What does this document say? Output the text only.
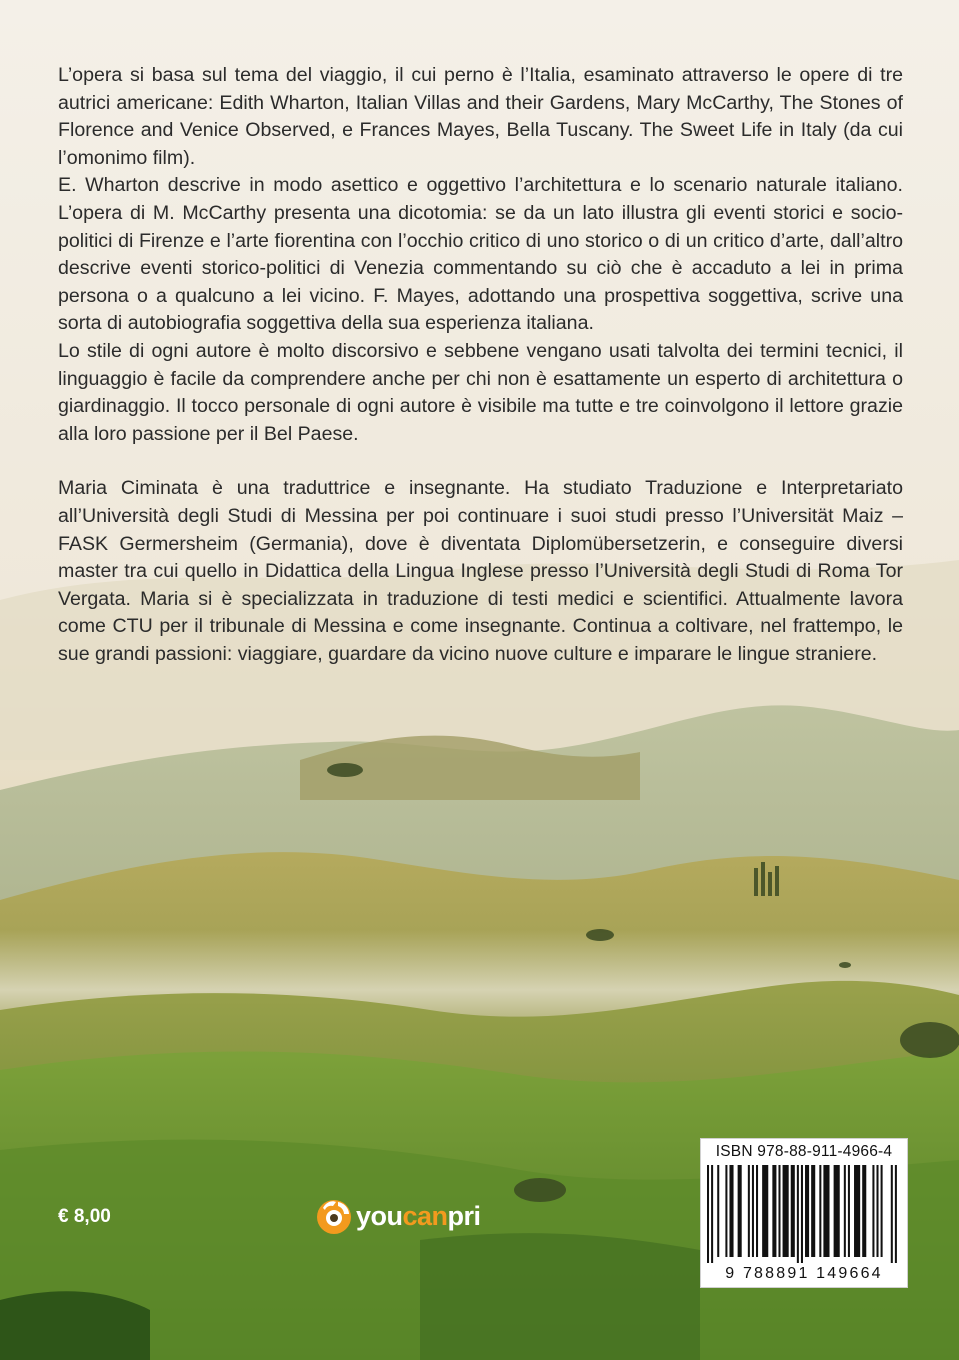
L’opera si basa sul tema del viaggio, il cui perno è l’Italia, esaminato attraverso le opere di tre autrici americane: Edith Wharton, Italian Villas and their Gardens, Mary McCarthy, The Stones of Florence and Venice Observed, e Frances Mayes, Bella Tuscany. The Sweet Life in Italy (da cui l’omonimo film).

E. Wharton descrive in modo asettico e oggettivo l’architettura e lo scenario naturale italiano. L’opera di M. McCarthy presenta una dicotomia: se da un lato illustra gli eventi storici e socio-politici di Firenze e l’arte fiorentina con l’occhio critico di uno storico o di un critico d’arte, dall’altro descrive eventi storico-politici di Venezia commentando su ciò che è accaduto a lei in prima persona o a qualcuno a lei vicino. F. Mayes, adottando una prospettiva soggettiva, scrive una sorta di autobiografia soggettiva della sua esperienza italiana.

Lo stile di ogni autore è molto discorsivo e sebbene vengano usati talvolta dei termini tecnici, il linguaggio è facile da comprendere anche per chi non è esattamente un esperto di architettura o giardinaggio. Il tocco personale di ogni autore è visibile ma tutte e tre coinvolgono il lettore grazie alla loro passione per il Bel Paese.

Maria Ciminata è una traduttrice e insegnante. Ha studiato Traduzione e Interpretariato all’Università degli Studi di Messina per poi continuare i suoi studi presso l’Universität Maiz – FASK Germersheim (Germania), dove è diventata Diplomübersetzerin, e conseguire diversi master tra cui quello in Didattica della Lingua Inglese presso l’Università degli Studi di Roma Tor Vergata. Maria si è specializzata in traduzione di testi medici e scientifici. Attualmente lavora come CTU per il tribunale di Messina e come insegnante. Continua a coltivare, nel frattempo, le sue grandi passioni: viaggiare, guardare da vicino nuove culture e imparare le lingue straniere.

€ 8,00	youcanpri
ISBN 978-88-911-4966-4
9 788891 149664
